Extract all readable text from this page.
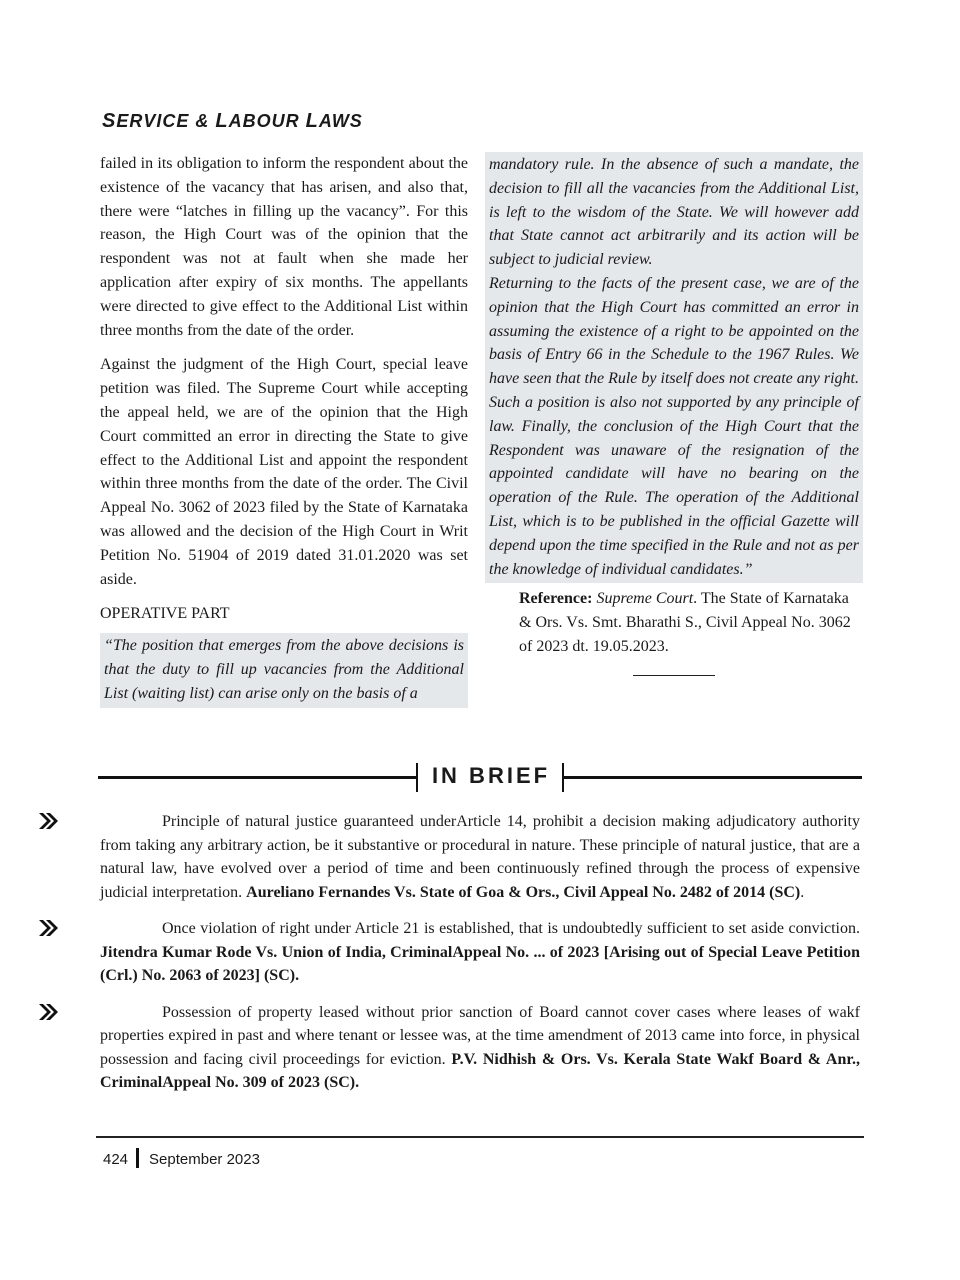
SERVICE & LABOUR LAWS

failed in its obligation to inform the respondent about the existence of the vacancy that has arisen, and also that, there were “latches in filling up the vacancy”. For this reason, the High Court was of the opinion that the respondent was not at fault when she made her application after expiry of six months. The appellants were directed to give effect to the Additional List within three months from the date of the order.

Against the judgment of the High Court, special leave petition was filed. The Supreme Court while accepting the appeal held, we are of the opinion that the High Court committed an error in directing the State to give effect to the Additional List and appoint the respondent within three months from the date of the order. The Civil Appeal No. 3062 of 2023 filed by the State of Karnataka was allowed and the decision of the High Court in Writ Petition No. 51904 of 2019 dated 31.01.2020 was set aside.

OPERATIVE PART

“The position that emerges from the above decisions is that the duty to fill up vacancies from the Additional List (waiting list) can arise only on the basis of a

mandatory rule. In the absence of such a mandate, the decision to fill all the vacancies from the Additional List, is left to the wisdom of the State. We will however add that State cannot act arbitrarily and its action will be subject to judicial review.

Returning to the facts of the present case, we are of the opinion that the High Court has committed an error in assuming the existence of a right to be appointed on the basis of Entry 66 in the Schedule to the 1967 Rules. We have seen that the Rule by itself does not create any right. Such a position is also not supported by any principle of law. Finally, the conclusion of the High Court that the Respondent was unaware of the resignation of the appointed candidate will have no bearing on the operation of the Rule. The operation of the Additional List, which is to be published in the official Gazette will depend upon the time specified in the Rule and not as per the knowledge of individual candidates.”

Reference: Supreme Court. The State of Karnataka & Ors. Vs. Smt. Bharathi S., Civil Appeal No. 3062 of 2023 dt. 19.05.2023.

IN BRIEF
Principle of natural justice guaranteed underArticle 14, prohibit a decision making adjudicatory authority from taking any arbitrary action, be it substantive or procedural in nature. These principle of natural justice, that are a natural law, have evolved over a period of time and been continuously refined through the process of expensive judicial interpretation. Aureliano Fernandes Vs. State of Goa & Ors., Civil Appeal No. 2482 of 2014 (SC).
Once violation of right under Article 21 is established, that is undoubtedly sufficient to set aside conviction. Jitendra Kumar Rode Vs. Union of India, CriminalAppeal No. ... of 2023 [Arising out of Special Leave Petition (Crl.) No. 2063 of 2023] (SC).
Possession of property leased without prior sanction of Board cannot cover cases where leases of wakf properties expired in past and where tenant or lessee was, at the time amendment of 2013 came into force, in physical possession and facing civil proceedings for eviction. P.V. Nidhish & Ors. Vs. Kerala State Wakf Board & Anr., CriminalAppeal No. 309 of 2023 (SC).
424 September 2023
